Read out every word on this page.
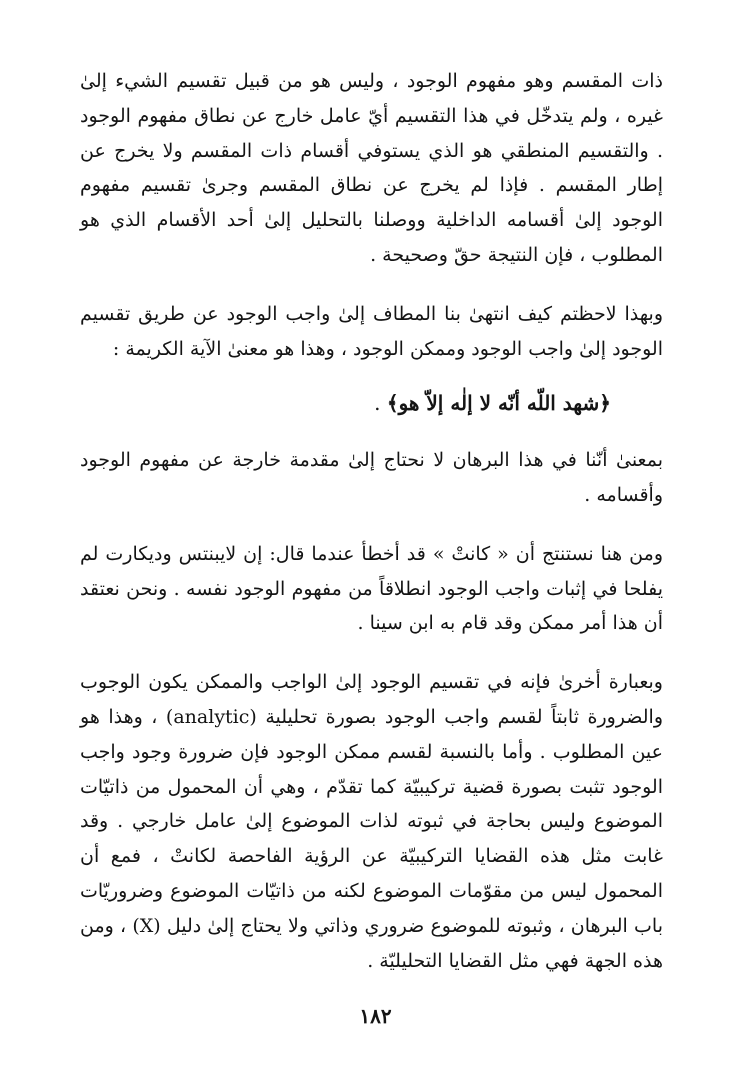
ذات المقسم وهو مفهوم الوجود ، وليس هو من قبيل تقسيم الشيء إلىٰ غيره ، ولم يتدخّل في هذا التقسيم أيّ عامل خارج عن نطاق مفهوم الوجود . والتقسيم المنطقي هو الذي يستوفي أقسام ذات المقسم ولا يخرج عن إطار المقسم . فإذا لم يخرج عن نطاق المقسم وجرىٰ تقسيم مفهوم الوجود إلىٰ أقسامه الداخلية ووصلنا بالتحليل إلىٰ أحد الأقسام الذي هو المطلوب ، فإن النتيجة حقّ وصحيحة .

وبهذا لاحظتم كيف انتهىٰ بنا المطاف إلىٰ واجب الوجود عن طريق تقسيم الوجود إلىٰ واجب الوجود وممكن الوجود ، وهذا هو معنىٰ الآية الكريمة :

﴿شهد اللّه أنّه لا إلٰه إلاّ هو﴾ .

بمعنىٰ أنّنا في هذا البرهان لا نحتاج إلىٰ مقدمة خارجة عن مفهوم الوجود وأقسامه .

ومن هنا نستنتج أن « كانتْ » قد أخطأ عندما قال: إن لايبنتس وديكارت لم يفلحا في إثبات واجب الوجود انطلاقاً من مفهوم الوجود نفسه . ونحن نعتقد أن هذا أمر ممكن وقد قام به ابن سينا .

وبعبارة أخرىٰ فإنه في تقسيم الوجود إلىٰ الواجب والممكن يكون الوجوب والضرورة ثابتاً لقسم واجب الوجود بصورة تحليلية (analytic) ، وهذا هو عين المطلوب . وأما بالنسبة لقسم ممكن الوجود فإن ضرورة وجود واجب الوجود تثبت بصورة قضية تركيبيّة كما تقدّم ، وهي أن المحمول من ذاتيّات الموضوع وليس بحاجة في ثبوته لذات الموضوع إلىٰ عامل خارجي . وقد غابت مثل هذه القضايا التركيبيّة عن الرؤية الفاحصة لكانتْ ، فمع أن المحمول ليس من مقوّمات الموضوع لكنه من ذاتيّات الموضوع وضروريّات باب البرهان ، وثبوته للموضوع ضروري وذاتي ولا يحتاج إلىٰ دليل (X) ، ومن هذه الجهة فهي مثل القضايا التحليليّة .

١٨٢
